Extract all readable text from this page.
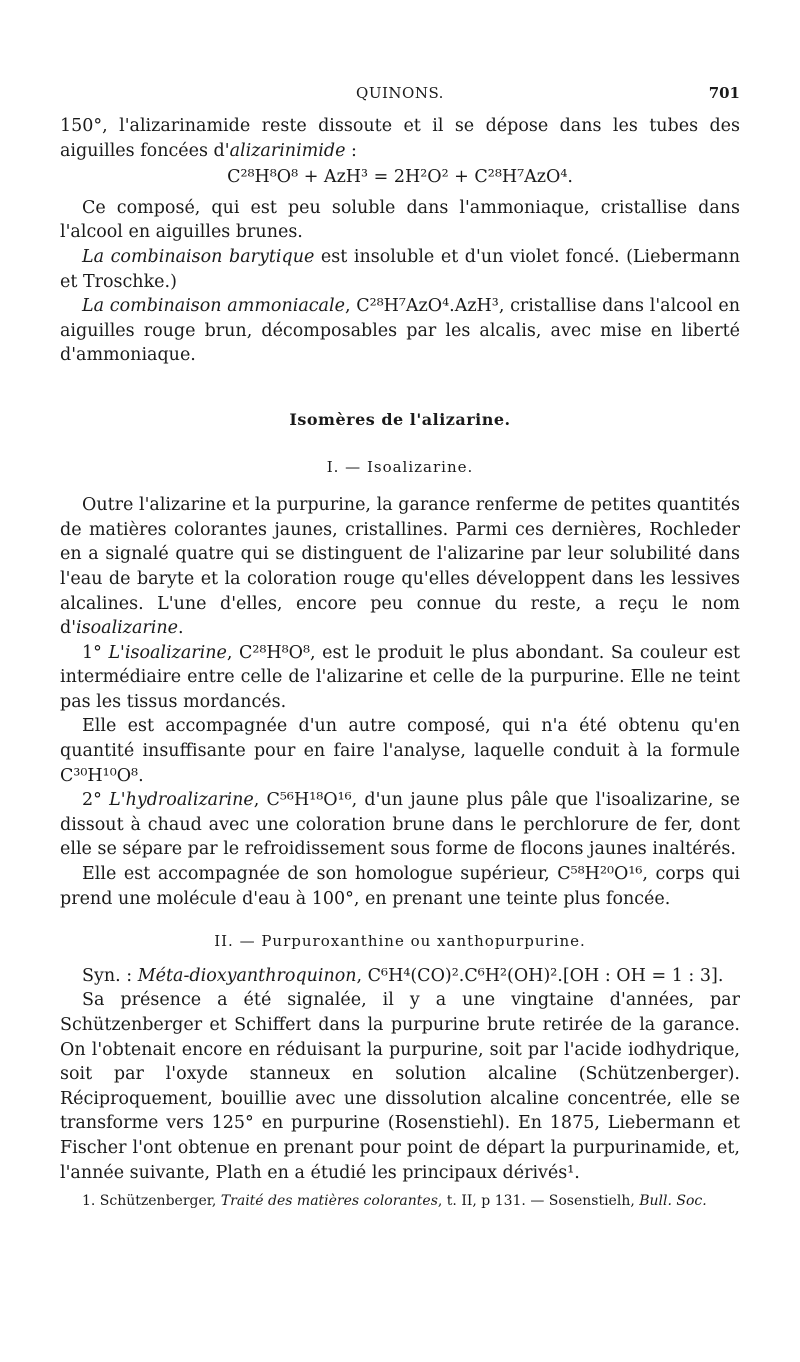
QUINONS.	701

150°, l'alizarinamide reste dissoute et il se dépose dans les tubes des aiguilles foncées d'alizarinimide :

C²⁸H⁸O⁸ + AzH³ = 2H²O² + C²⁸H⁷AzO⁴.

Ce composé, qui est peu soluble dans l'ammoniaque, cristallise dans l'alcool en aiguilles brunes.

La combinaison barytique est insoluble et d'un violet foncé. (Liebermann et Troschke.)

La combinaison ammoniacale, C²⁸H⁷AzO⁴.AzH³, cristallise dans l'alcool en aiguilles rouge brun, décomposables par les alcalis, avec mise en liberté d'ammoniaque.

Isomères de l'alizarine.

I. — Isoalizarine.

Outre l'alizarine et la purpurine, la garance renferme de petites quantités de matières colorantes jaunes, cristallines. Parmi ces dernières, Rochleder en a signalé quatre qui se distinguent de l'alizarine par leur solubilité dans l'eau de baryte et la coloration rouge qu'elles développent dans les lessives alcalines. L'une d'elles, encore peu connue du reste, a reçu le nom d'isoalizarine.

1° L'isoalizarine, C²⁸H⁸O⁸, est le produit le plus abondant. Sa couleur est intermédiaire entre celle de l'alizarine et celle de la purpurine. Elle ne teint pas les tissus mordancés.

Elle est accompagnée d'un autre composé, qui n'a été obtenu qu'en quantité insuffisante pour en faire l'analyse, laquelle conduit à la formule C³⁰H¹⁰O⁸.

2° L'hydroalizarine, C⁵⁶H¹⁸O¹⁶, d'un jaune plus pâle que l'isoalizarine, se dissout à chaud avec une coloration brune dans le perchlorure de fer, dont elle se sépare par le refroidissement sous forme de flocons jaunes inaltérés.

Elle est accompagnée de son homologue supérieur, C⁵⁸H²⁰O¹⁶, corps qui prend une molécule d'eau à 100°, en prenant une teinte plus foncée.

II. — Purpuroxanthine ou xanthopurpurine.

Syn. : Méta-dioxyanthroquinon, C⁶H⁴(CO)².C⁶H²(OH)².[OH : OH = 1 : 3].

Sa présence a été signalée, il y a une vingtaine d'années, par Schützenberger et Schiffert dans la purpurine brute retirée de la garance. On l'obtenait encore en réduisant la purpurine, soit par l'acide iodhydrique, soit par l'oxyde stanneux en solution alcaline (Schützenberger). Réciproquement, bouillie avec une dissolution alcaline concentrée, elle se transforme vers 125° en purpurine (Rosenstiehl). En 1875, Liebermann et Fischer l'ont obtenue en prenant pour point de départ la purpurinamide, et, l'année suivante, Plath en a étudié les principaux dérivés¹.

1. Schützenberger, Traité des matières colorantes, t. II, p 131. — Sosenstielh, Bull. Soc.
